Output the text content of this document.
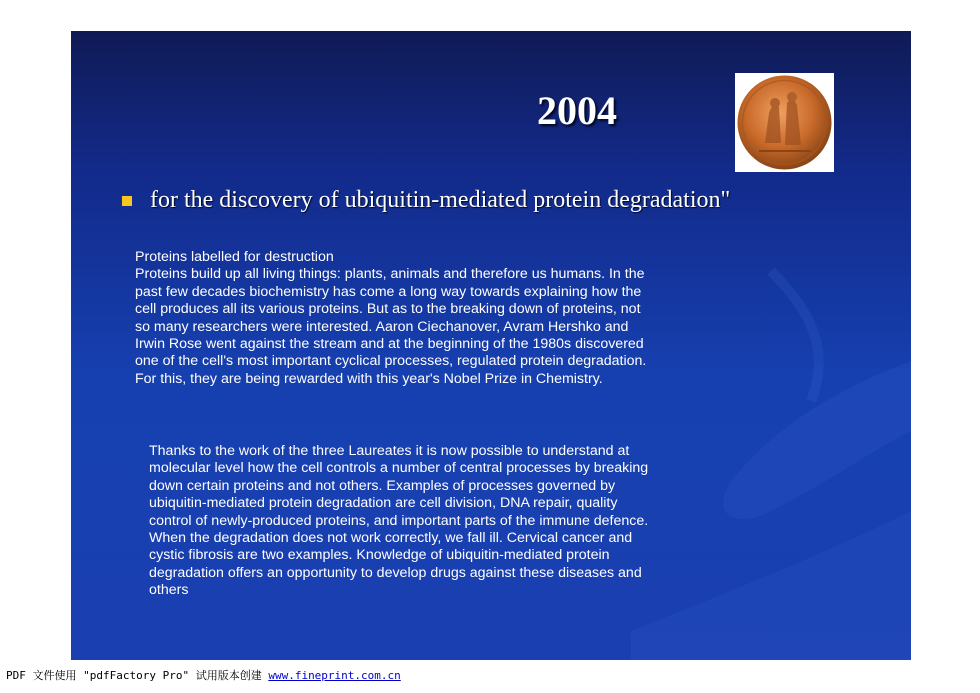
2004
for the discovery of ubiquitin-mediated protein degradation"
Proteins labelled for destruction
Proteins build up all living things: plants, animals and therefore us humans. In the
past few decades biochemistry has come a long way towards explaining how the
cell produces all its various proteins. But as to the breaking down of proteins, not
so many researchers were interested. Aaron Ciechanover, Avram Hershko and
Irwin Rose went against the stream and at the beginning of the 1980s discovered
one of the cell's most important cyclical processes, regulated protein degradation.
For this, they are being rewarded with this year's Nobel Prize in Chemistry.
Thanks to the work of the three Laureates it is now possible to understand at
molecular level how the cell controls a number of central processes by breaking
down certain proteins and not others. Examples of processes governed by
ubiquitin-mediated protein degradation are cell division, DNA repair, quality
control of newly-produced proteins, and important parts of the immune defence.
When the degradation does not work correctly, we fall ill. Cervical cancer and
cystic fibrosis are two examples. Knowledge of ubiquitin-mediated protein
degradation offers an opportunity to develop drugs against these diseases and
others
PDF 文件使用 "pdfFactory Pro" 试用版本创建 www.fineprint.com.cn
